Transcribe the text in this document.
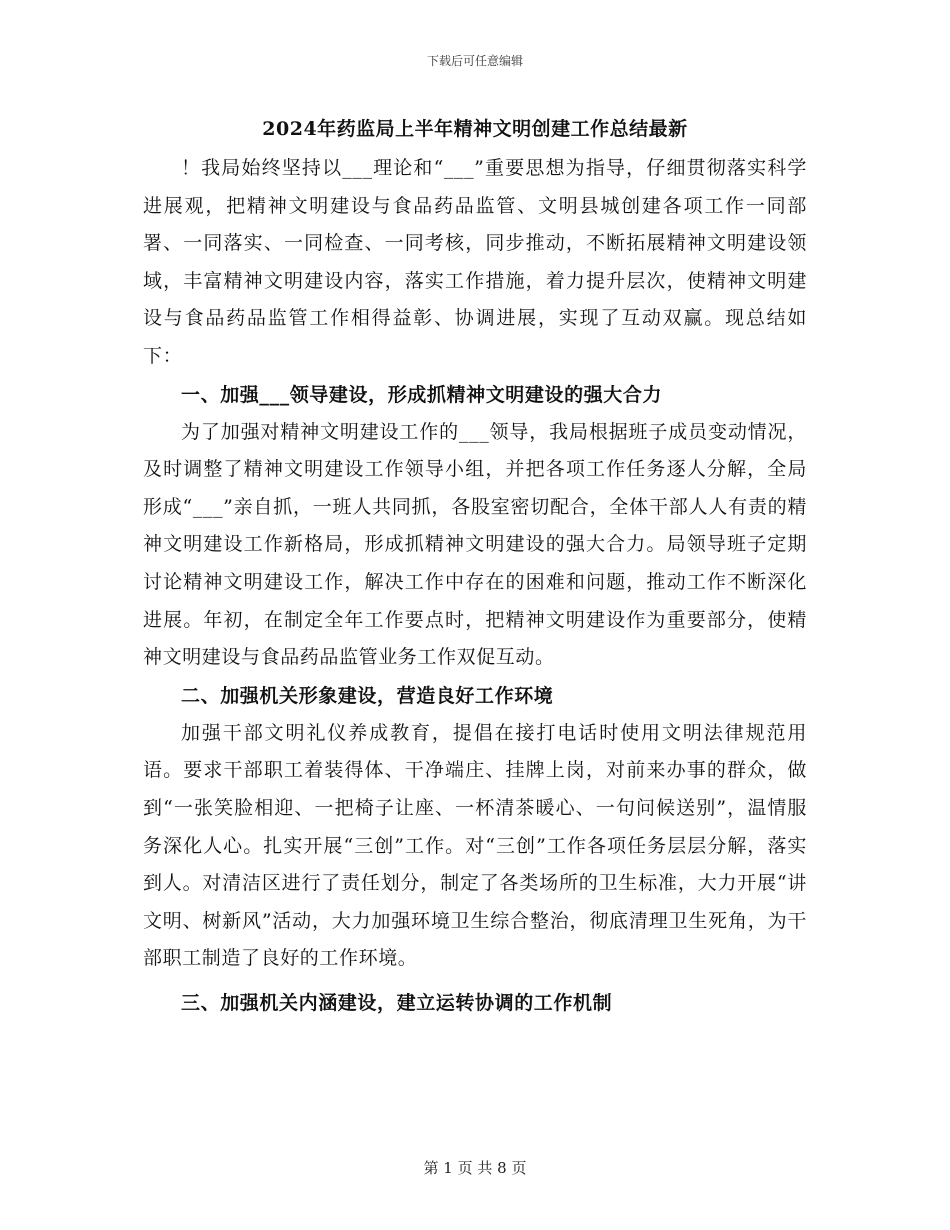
下载后可任意编辑
2024年药监局上半年精神文明创建工作总结最新

！我局始终坚持以___理论和“___”重要思想为指导，仔细贯彻落实科学进展观，把精神文明建设与食品药品监管、文明县城创建各项工作一同部署、一同落实、一同检查、一同考核，同步推动，不断拓展精神文明建设领域，丰富精神文明建设内容，落实工作措施，着力提升层次，使精神文明建设与食品药品监管工作相得益彰、协调进展，实现了互动双赢。现总结如下：

一、加强___领导建设，形成抓精神文明建设的强大合力

为了加强对精神文明建设工作的___领导，我局根据班子成员变动情况，及时调整了精神文明建设工作领导小组，并把各项工作任务逐人分解，全局形成“___”亲自抓，一班人共同抓，各股室密切配合，全体干部人人有责的精神文明建设工作新格局，形成抓精神文明建设的强大合力。局领导班子定期讨论精神文明建设工作，解决工作中存在的困难和问题，推动工作不断深化进展。年初，在制定全年工作要点时，把精神文明建设作为重要部分，使精神文明建设与食品药品监管业务工作双促互动。

二、加强机关形象建设，营造良好工作环境

加强干部文明礼仪养成教育，提倡在接打电话时使用文明法律规范用语。要求干部职工着装得体、干净端庄、挂牌上岗，对前来办事的群众，做到“一张笑脸相迎、一把椅子让座、一杯清茶暖心、一句问候送别”，温情服务深化人心。扎实开展“三创”工作。对“三创”工作各项任务层层分解，落实到人。对清洁区进行了责任划分，制定了各类场所的卫生标准，大力开展“讲文明、树新风”活动，大力加强环境卫生综合整治，彻底清理卫生死角，为干部职工制造了良好的工作环境。

三、加强机关内涵建设，建立运转协调的工作机制
第 1 页 共 8 页
